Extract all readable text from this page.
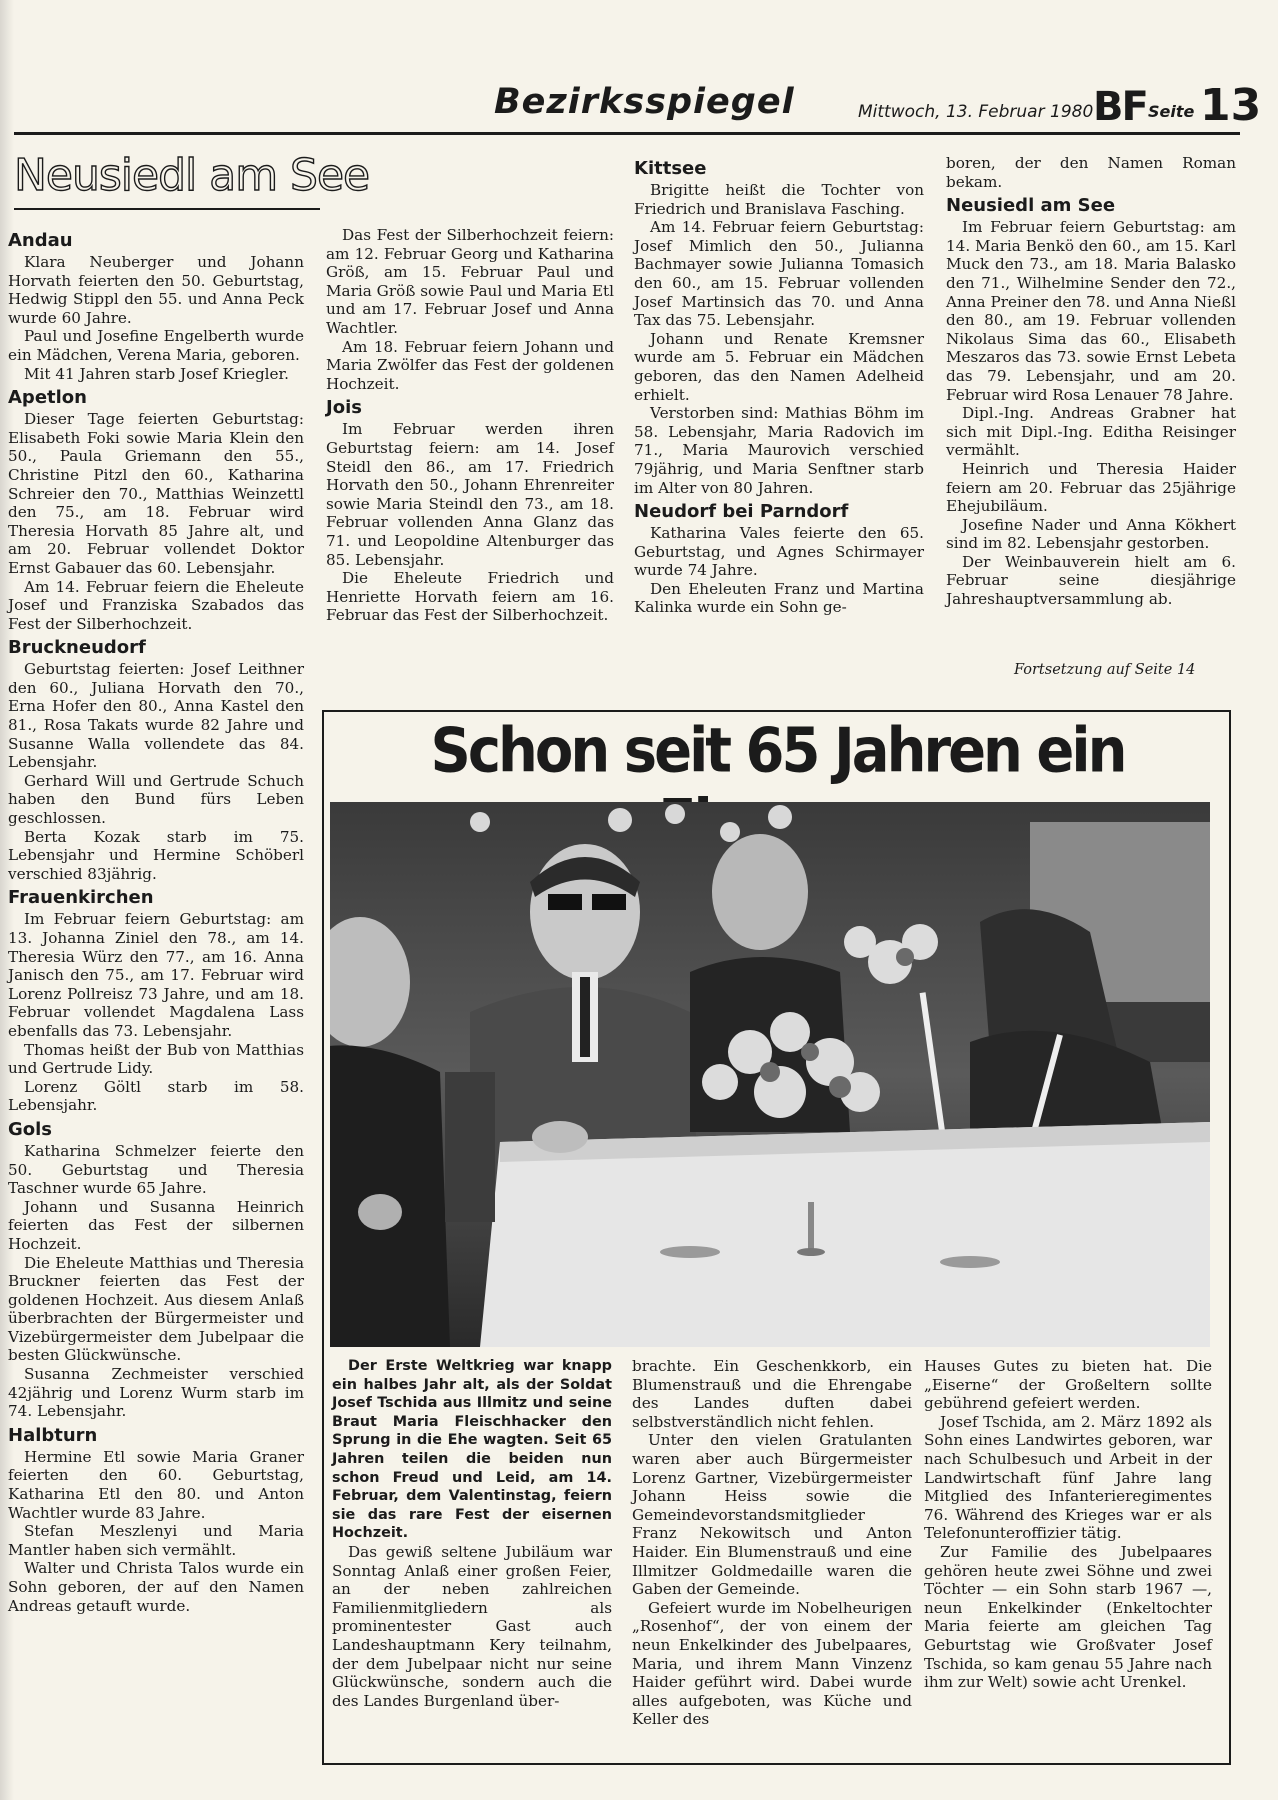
Bezirksspiegel	Mittwoch, 13. Februar 1980 BF Seite 13
Neusiedl am See
Andau

Klara Neuberger und Johann Horvath feierten den 50. Geburtstag, Hedwig Stippl den 55. und Anna Peck wurde 60 Jahre.

Paul und Josefine Engelberth wurde ein Mädchen, Verena Maria, geboren.

Mit 41 Jahren starb Josef Kriegler.

Apetlon

Dieser Tage feierten Geburtstag: Elisabeth Foki sowie Maria Klein den 50., Paula Griemann den 55., Christine Pitzl den 60., Katharina Schreier den 70., Matthias Weinzettl den 75., am 18. Februar wird Theresia Horvath 85 Jahre alt, und am 20. Februar vollendet Doktor Ernst Gabauer das 60. Lebensjahr.

Am 14. Februar feiern die Eheleute Josef und Franziska Szabados das Fest der Silberhochzeit.

Bruckneudorf

Geburtstag feierten: Josef Leithner den 60., Juliana Horvath den 70., Erna Hofer den 80., Anna Kastel den 81., Rosa Takats wurde 82 Jahre und Susanne Walla vollendete das 84. Lebensjahr.

Gerhard Will und Gertrude Schuch haben den Bund fürs Leben geschlossen.

Berta Kozak starb im 75. Lebensjahr und Hermine Schöberl verschied 83jährig.

Frauenkirchen

Im Februar feiern Geburtstag: am 13. Johanna Ziniel den 78., am 14. Theresia Würz den 77., am 16. Anna Janisch den 75., am 17. Februar wird Lorenz Pollreisz 73 Jahre, und am 18. Februar vollendet Magdalena Lass ebenfalls das 73. Lebensjahr.

Thomas heißt der Bub von Matthias und Gertrude Lidy.

Lorenz Göltl starb im 58. Lebensjahr.

Gols

Katharina Schmelzer feierte den 50. Geburtstag und Theresia Taschner wurde 65 Jahre.

Johann und Susanna Heinrich feierten das Fest der silbernen Hochzeit.

Die Eheleute Matthias und Theresia Bruckner feierten das Fest der goldenen Hochzeit. Aus diesem Anlaß überbrachten der Bürgermeister und Vizebürgermeister dem Jubelpaar die besten Glückwünsche.

Susanna Zechmeister verschied 42jährig und Lorenz Wurm starb im 74. Lebensjahr.

Halbturn

Hermine Etl sowie Maria Graner feierten den 60. Geburtstag, Katharina Etl den 80. und Anton Wachtler wurde 83 Jahre.

Stefan Meszlenyi und Maria Mantler haben sich vermählt.

Walter und Christa Talos wurde ein Sohn geboren, der auf den Namen Andreas getauft wurde.

Das Fest der Silberhochzeit feiern: am 12. Februar Georg und Katharina Größ, am 15. Februar Paul und Maria Größ sowie Paul und Maria Etl und am 17. Februar Josef und Anna Wachtler.

Am 18. Februar feiern Johann und Maria Zwölfer das Fest der goldenen Hochzeit.

Jois

Im Februar werden ihren Geburtstag feiern: am 14. Josef Steidl den 86., am 17. Friedrich Horvath den 50., Johann Ehrenreiter sowie Maria Steindl den 73., am 18. Februar vollenden Anna Glanz das 71. und Leopoldine Altenburger das 85. Lebensjahr.

Die Eheleute Friedrich und Henriette Horvath feiern am 16. Februar das Fest der Silberhochzeit.

Kittsee

Brigitte heißt die Tochter von Friedrich und Branislava Fasching.

Am 14. Februar feiern Geburtstag: Josef Mimlich den 50., Julianna Bachmayer sowie Julianna Tomasich den 60., am 15. Februar vollenden Josef Martinsich das 70. und Anna Tax das 75. Lebensjahr.

Johann und Renate Kremsner wurde am 5. Februar ein Mädchen geboren, das den Namen Adelheid erhielt.

Verstorben sind: Mathias Böhm im 58. Lebensjahr, Maria Radovich im 71., Maria Maurovich verschied 79jährig, und Maria Senftner starb im Alter von 80 Jahren.

Neudorf bei Parndorf

Katharina Vales feierte den 65. Geburtstag, und Agnes Schirmayer wurde 74 Jahre.

Den Eheleuten Franz und Martina Kalinka wurde ein Sohn ge-

boren, der den Namen Roman bekam.

Neusiedl am See

Im Februar feiern Geburtstag: am 14. Maria Benkö den 60., am 15. Karl Muck den 73., am 18. Maria Balasko den 71., Wilhelmine Sender den 72., Anna Preiner den 78. und Anna Nießl den 80., am 19. Februar vollenden Nikolaus Sima das 60., Elisabeth Meszaros das 73. sowie Ernst Lebeta das 79. Lebensjahr, und am 20. Februar wird Rosa Lenauer 78 Jahre.

Dipl.-Ing. Andreas Grabner hat sich mit Dipl.-Ing. Editha Reisinger vermählt.

Heinrich und Theresia Haider feiern am 20. Februar das 25jährige Ehejubiläum.

Josefine Nader und Anna Kökhert sind im 82. Lebensjahr gestorben.

Der Weinbauverein hielt am 6. Februar seine diesjährige Jahreshauptversammlung ab.

Fortsetzung auf Seite 14
Schon seit 65 Jahren ein

Der Erste Weltkrieg war knapp ein halbes Jahr alt, als der Soldat Josef Tschida aus Illmitz und seine Braut Maria Fleischhacker den Sprung in die Ehe wagten. Seit 65 Jahren teilen die beiden nun schon Freud und Leid, am 14. Februar, dem Valentinstag, feiern sie das rare Fest der eisernen Hochzeit.

Das gewiß seltene Jubiläum war Sonntag Anlaß einer großen Feier, an der neben zahlreichen Familienmitgliedern als prominentester Gast auch Landeshauptmann Kery teilnahm, der dem Jubelpaar nicht nur seine Glückwünsche, sondern auch die des Landes Burgenland über-

brachte. Ein Geschenkkorb, ein Blumenstrauß und die Ehrengabe des Landes duften dabei selbstverständlich nicht fehlen.

Unter den vielen Gratulanten waren aber auch Bürgermeister Lorenz Gartner, Vizebürgermeister Johann Heiss sowie die Gemeindevorstandsmitglieder Franz Nekowitsch und Anton Haider. Ein Blumenstrauß und eine Illmitzer Goldmedaille waren die Gaben der Gemeinde.

Gefeiert wurde im Nobelheurigen „Rosenhof“, der von einem der neun Enkelkinder des Jubelpaares, Maria, und ihrem Mann Vinzenz Haider geführt wird. Dabei wurde alles aufgeboten, was Küche und Keller des

Hauses Gutes zu bieten hat. Die „Eiserne“ der Großeltern sollte gebührend gefeiert werden.

Josef Tschida, am 2. März 1892 als Sohn eines Landwirtes geboren, war nach Schulbesuch und Arbeit in der Landwirtschaft fünf Jahre lang Mitglied des Infanterieregimentes 76. Während des Krieges war er als Telefonunteroffizier tätig.

Zur Familie des Jubelpaares gehören heute zwei Söhne und zwei Töchter — ein Sohn starb 1967 —, neun Enkelkinder (Enkeltochter Maria feierte am gleichen Tag Geburtstag wie Großvater Josef Tschida, so kam genau 55 Jahre nach ihm zur Welt) sowie acht Urenkel.
